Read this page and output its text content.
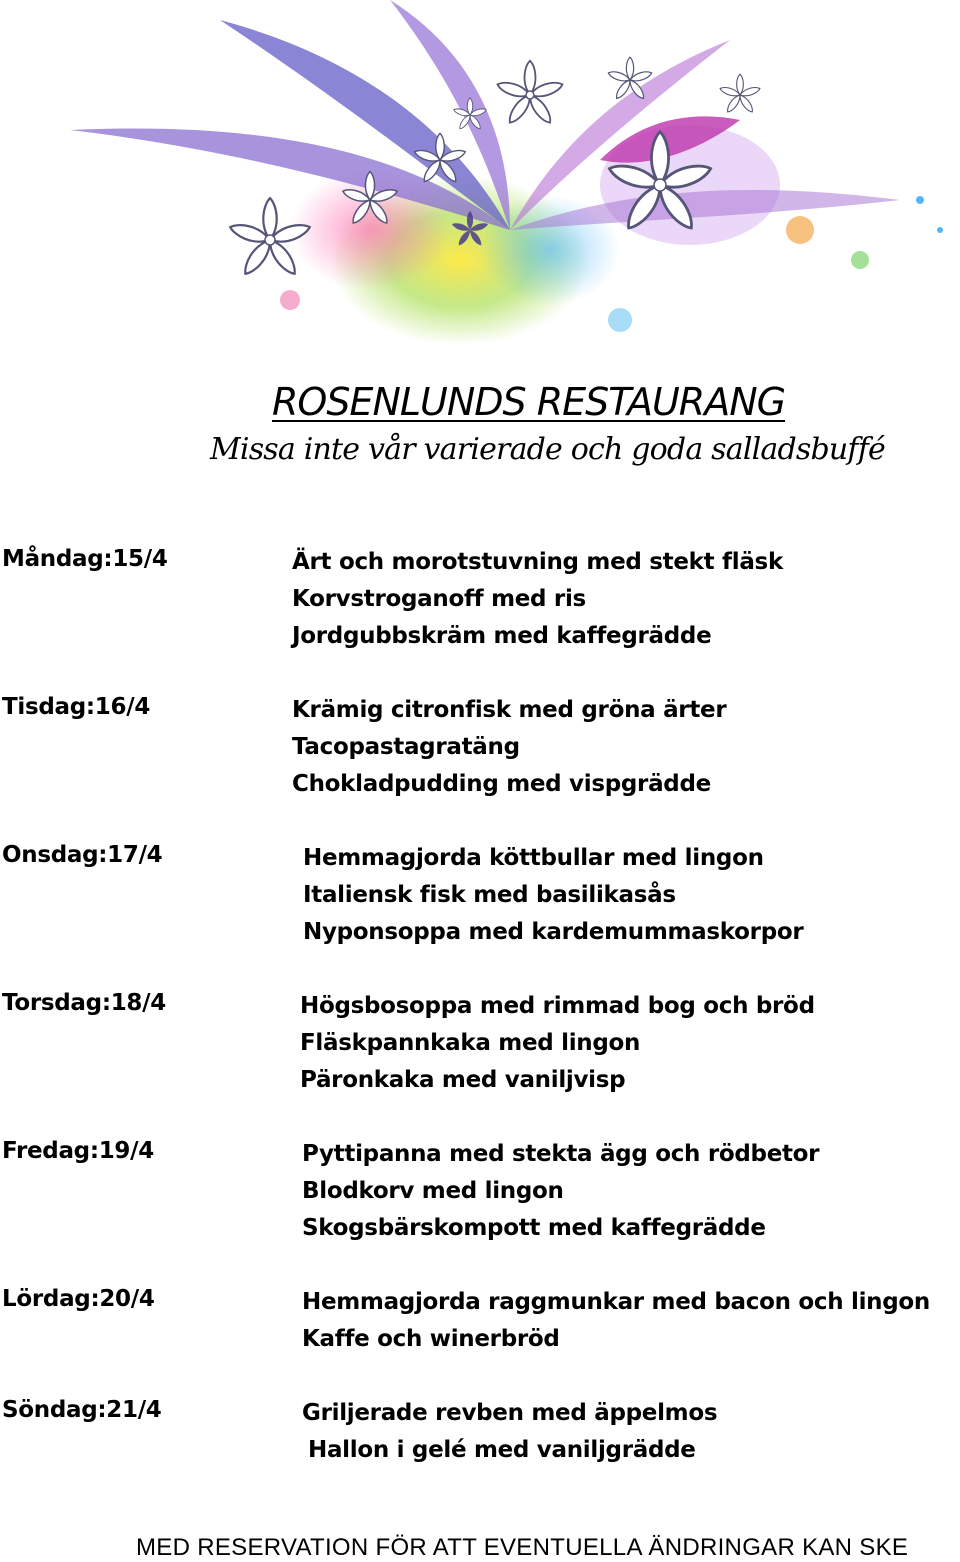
ROSENLUNDS RESTAURANG
Missa inte vår varierade och goda salladsbuffé
Måndag:15/4	Ärt och morotstuvning med stekt fläsk
Korvstroganoff med ris
Jordgubbskräm med kaffegrädde
Tisdag:16/4	Krämig citronfisk med gröna ärter
Tacopastagratäng
Chokladpudding med vispgrädde
Onsdag:17/4	Hemmagjorda köttbullar med lingon
Italiensk fisk med basilikasås
Nyponsoppa med kardemummaskorpor
Torsdag:18/4	Högsbosoppa med rimmad bog och bröd
Fläskpannkaka med lingon
Päronkaka med vaniljvisp
Fredag:19/4	Pyttipanna med stekta ägg och rödbetor
Blodkorv med lingon
Skogsbärskompott med kaffegrädde
Lördag:20/4	Hemmagjorda raggmunkar med bacon och lingon
Kaffe och winerbröd
Söndag:21/4	Griljerade revben med äppelmos
Hallon i gelé med vaniljgrädde
MED RESERVATION FÖR ATT EVENTUELLA ÄNDRINGAR KAN SKE
